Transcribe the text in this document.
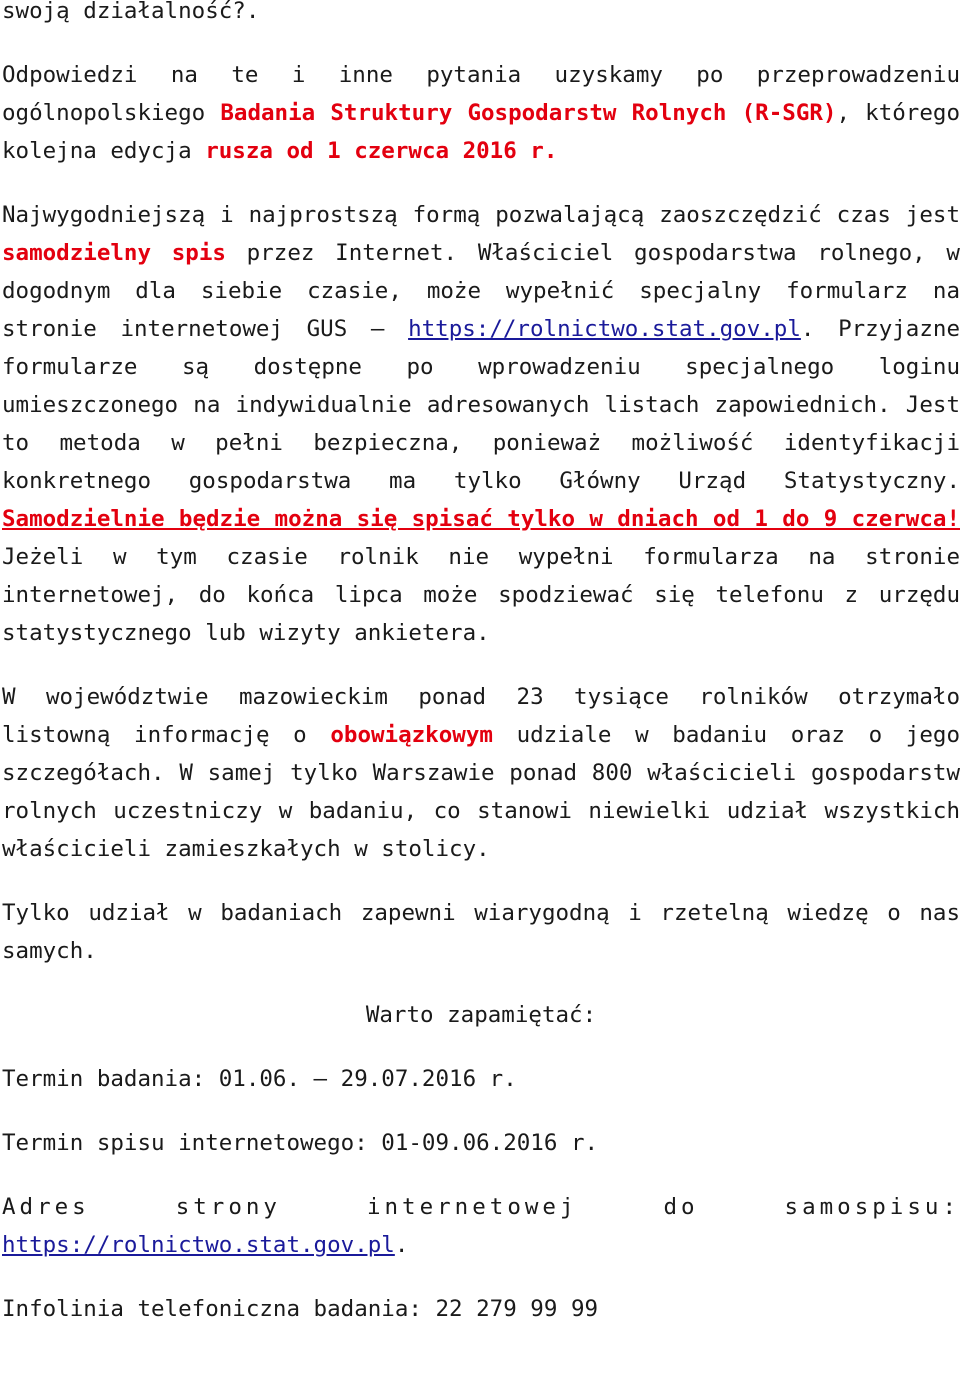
swoją działalność?.

Odpowiedzi na te i inne pytania uzyskamy po przeprowadzeniu ogólnopolskiego Badania Struktury Gospodarstw Rolnych (R-SGR), którego kolejna edycja rusza od 1 czerwca 2016 r.

Najwygodniejszą i najprostszą formą pozwalającą zaoszczędzić czas jest samodzielny spis przez Internet. Właściciel gospodarstwa rolnego, w dogodnym dla siebie czasie, może wypełnić specjalny formularz na stronie internetowej GUS – https://rolnictwo.stat.gov.pl. Przyjazne formularze są dostępne po wprowadzeniu specjalnego loginu umieszczonego na indywidualnie adresowanych listach zapowiednich. Jest to metoda w pełni bezpieczna, ponieważ możliwość identyfikacji konkretnego gospodarstwa ma tylko Główny Urząd Statystyczny. Samodzielnie będzie można się spisać tylko w dniach od 1 do 9 czerwca! Jeżeli w tym czasie rolnik nie wypełni formularza na stronie internetowej, do końca lipca może spodziewać się telefonu z urzędu statystycznego lub wizyty ankietera.

W województwie mazowieckim ponad 23 tysiące rolników otrzymało listowną informację o obowiązkowym udziale w badaniu oraz o jego szczegółach. W samej tylko Warszawie ponad 800 właścicieli gospodarstw rolnych uczestniczy w badaniu, co stanowi niewielki udział wszystkich właścicieli zamieszkałych w stolicy.

Tylko udział w badaniach zapewni wiarygodną i rzetelną wiedzę o nas samych.

Warto zapamiętać:

Termin badania: 01.06. – 29.07.2016 r.

Termin spisu internetowego: 01-09.06.2016 r.

Adres strony internetowej do samospisu: https://rolnictwo.stat.gov.pl.

Infolinia telefoniczna badania: 22 279 99 99
